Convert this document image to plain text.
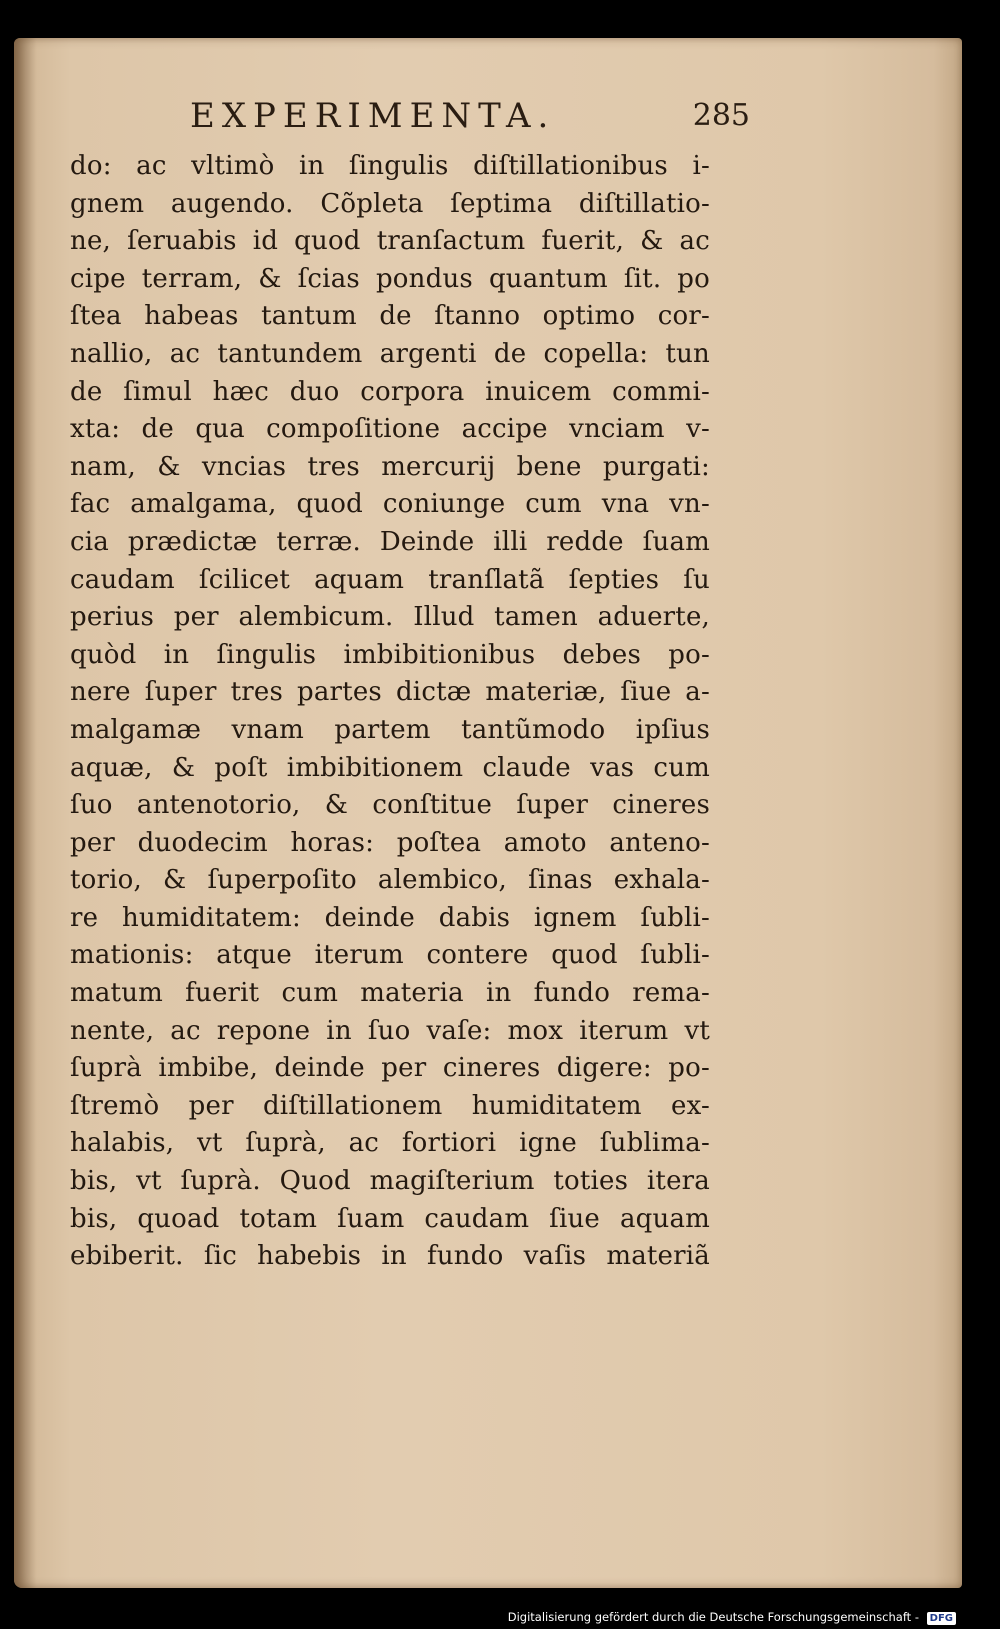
EXPERIMENTA.	285
do: ac vltimò in ſingulis diſtillationibus i-
gnem augendo. Cõpleta ſeptima diſtillatio-
ne, ſeruabis id quod tranſactum fuerit, & ac
cipe terram, & ſcias pondus quantum ſit. po
ſtea habeas tantum de ſtanno optimo cor-
nallio, ac tantundem argenti de copella: tun
de ſimul hæc duo corpora inuicem commi-
xta: de qua compoſitione accipe vnciam v-
nam, & vncias tres mercurij bene purgati:
fac amalgama, quod coniunge cum vna vn-
cia prædictæ terræ. Deinde illi redde ſuam
caudam ſcilicet aquam tranſlatã ſepties ſu
perius per alembicum. Illud tamen aduerte,
quòd in ſingulis imbibitionibus debes po-
nere ſuper tres partes dictæ materiæ, ſiue a-
malgamæ vnam partem tantũmodo ipſius
aquæ, & poſt imbibitionem claude vas cum
ſuo antenotorio, & conſtitue ſuper cineres
per duodecim horas: poſtea amoto anteno-
torio, & ſuperpoſito alembico, ſinas exhala-
re humiditatem: deinde dabis ignem ſubli-
mationis: atque iterum contere quod ſubli-
matum fuerit cum materia in fundo rema-
nente, ac repone in ſuo vaſe: mox iterum vt
ſuprà imbibe, deinde per cineres digere: po-
ſtremò per diſtillationem humiditatem ex-
halabis, vt ſuprà, ac fortiori igne ſublima-
bis, vt ſuprà. Quod magiſterium toties itera
bis, quoad totam ſuam caudam ſiue aquam
ebiberit. ſic habebis in fundo vaſis materiã
Digitalisierung gefördert durch die Deutsche Forschungsgemeinschaft - DFG
